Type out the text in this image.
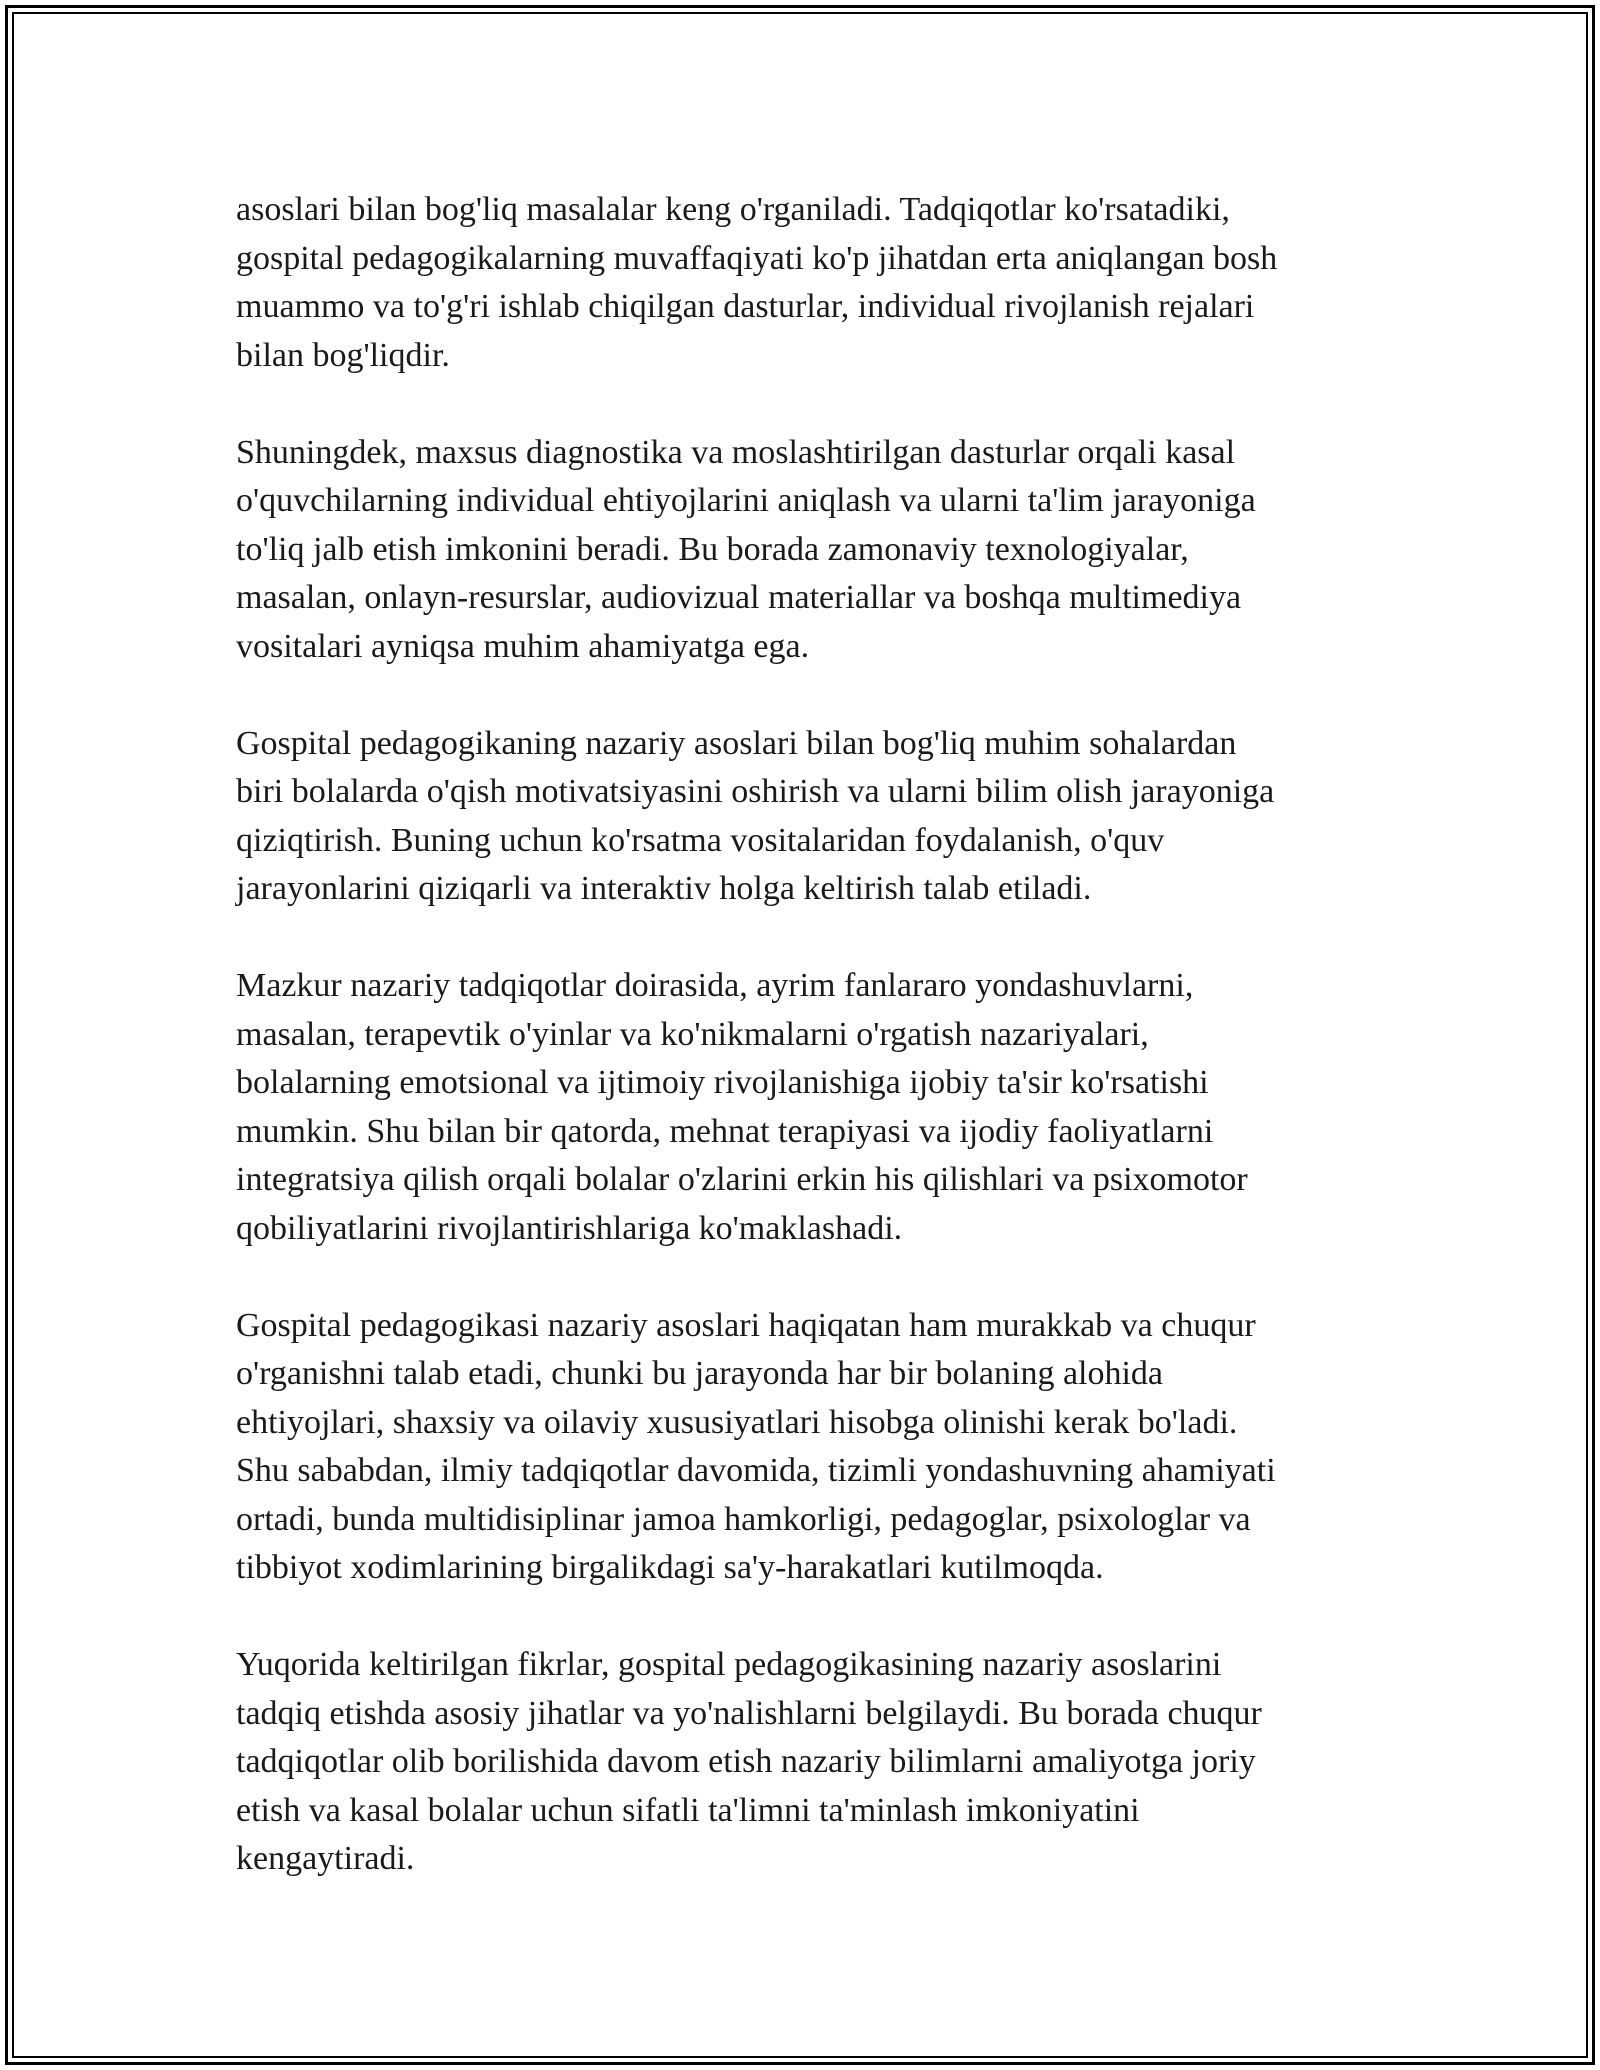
asoslari bilan bog'liq masalalar keng o'rganiladi. Tadqiqotlar ko'rsatadiki,
gospital pedagogikalarning muvaffaqiyati ko'p jihatdan erta aniqlangan bosh
muammo va to'g'ri ishlab chiqilgan dasturlar, individual rivojlanish rejalari
bilan bog'liqdir.

Shuningdek, maxsus diagnostika va moslashtirilgan dasturlar orqali kasal
o'quvchilarning individual ehtiyojlarini aniqlash va ularni ta'lim jarayoniga
to'liq jalb etish imkonini beradi. Bu borada zamonaviy texnologiyalar,
masalan, onlayn-resurslar, audiovizual materiallar va boshqa multimediya
vositalari ayniqsa muhim ahamiyatga ega.

Gospital pedagogikaning nazariy asoslari bilan bog'liq muhim sohalardan
biri bolalarda o'qish motivatsiyasini oshirish va ularni bilim olish jarayoniga
qiziqtirish. Buning uchun ko'rsatma vositalaridan foydalanish, o'quv
jarayonlarini qiziqarli va interaktiv holga keltirish talab etiladi.

Mazkur nazariy tadqiqotlar doirasida, ayrim fanlararo yondashuvlarni,
masalan, terapevtik o'yinlar va ko'nikmalarni o'rgatish nazariyalari,
bolalarning emotsional va ijtimoiy rivojlanishiga ijobiy ta'sir ko'rsatishi
mumkin. Shu bilan bir qatorda, mehnat terapiyasi va ijodiy faoliyatlarni
integratsiya qilish orqali bolalar o'zlarini erkin his qilishlari va psixomotor
qobiliyatlarini rivojlantirishlariga ko'maklashadi.

Gospital pedagogikasi nazariy asoslari haqiqatan ham murakkab va chuqur
o'rganishni talab etadi, chunki bu jarayonda har bir bolaning alohida
ehtiyojlari, shaxsiy va oilaviy xususiyatlari hisobga olinishi kerak bo'ladi.
Shu sababdan, ilmiy tadqiqotlar davomida, tizimli yondashuvning ahamiyati
ortadi, bunda multidisiplinar jamoa hamkorligi, pedagoglar, psixologlar va
tibbiyot xodimlarining birgalikdagi sa'y-harakatlari kutilmoqda.

Yuqorida keltirilgan fikrlar, gospital pedagogikasining nazariy asoslarini
tadqiq etishda asosiy jihatlar va yo'nalishlarni belgilaydi. Bu borada chuqur
tadqiqotlar olib borilishida davom etish nazariy bilimlarni amaliyotga joriy
etish va kasal bolalar uchun sifatli ta'limni ta'minlash imkoniyatini
kengaytiradi.
